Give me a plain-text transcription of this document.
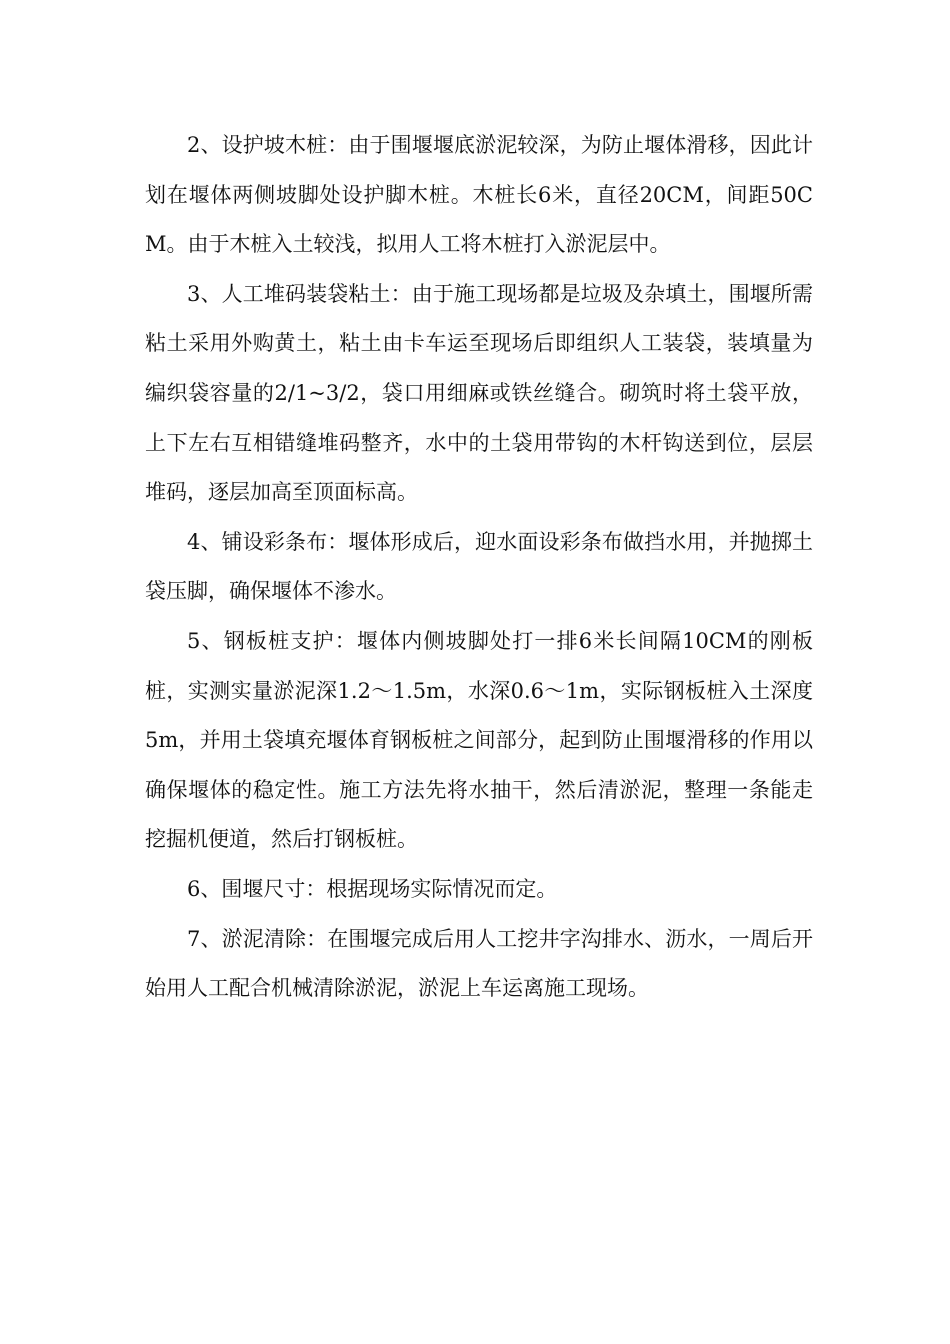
2、设护坡木桩：由于围堰堰底淤泥较深，为防止堰体滑移，因此计划在堰体两侧坡脚处设护脚木桩。木桩长6米，直径20CM，间距50CM。由于木桩入土较浅，拟用人工将木桩打入淤泥层中。

3、人工堆码装袋粘土：由于施工现场都是垃圾及杂填土，围堰所需粘土采用外购黄土，粘土由卡车运至现场后即组织人工装袋，装填量为编织袋容量的2/1~3/2，袋口用细麻或铁丝缝合。砌筑时将土袋平放，上下左右互相错缝堆码整齐，水中的土袋用带钩的木杆钩送到位，层层堆码，逐层加高至顶面标高。

4、铺设彩条布：堰体形成后，迎水面设彩条布做挡水用，并抛掷土袋压脚，确保堰体不渗水。

5、钢板桩支护：堰体内侧坡脚处打一排6米长间隔10CM的刚板桩，实测实量淤泥深1.2～1.5m，水深0.6～1m，实际钢板桩入土深度5m，并用土袋填充堰体育钢板桩之间部分，起到防止围堰滑移的作用以确保堰体的稳定性。施工方法先将水抽干，然后清淤泥，整理一条能走挖掘机便道，然后打钢板桩。

6、围堰尺寸：根据现场实际情况而定。

7、淤泥清除：在围堰完成后用人工挖井字沟排水、沥水，一周后开始用人工配合机械清除淤泥，淤泥上车运离施工现场。
